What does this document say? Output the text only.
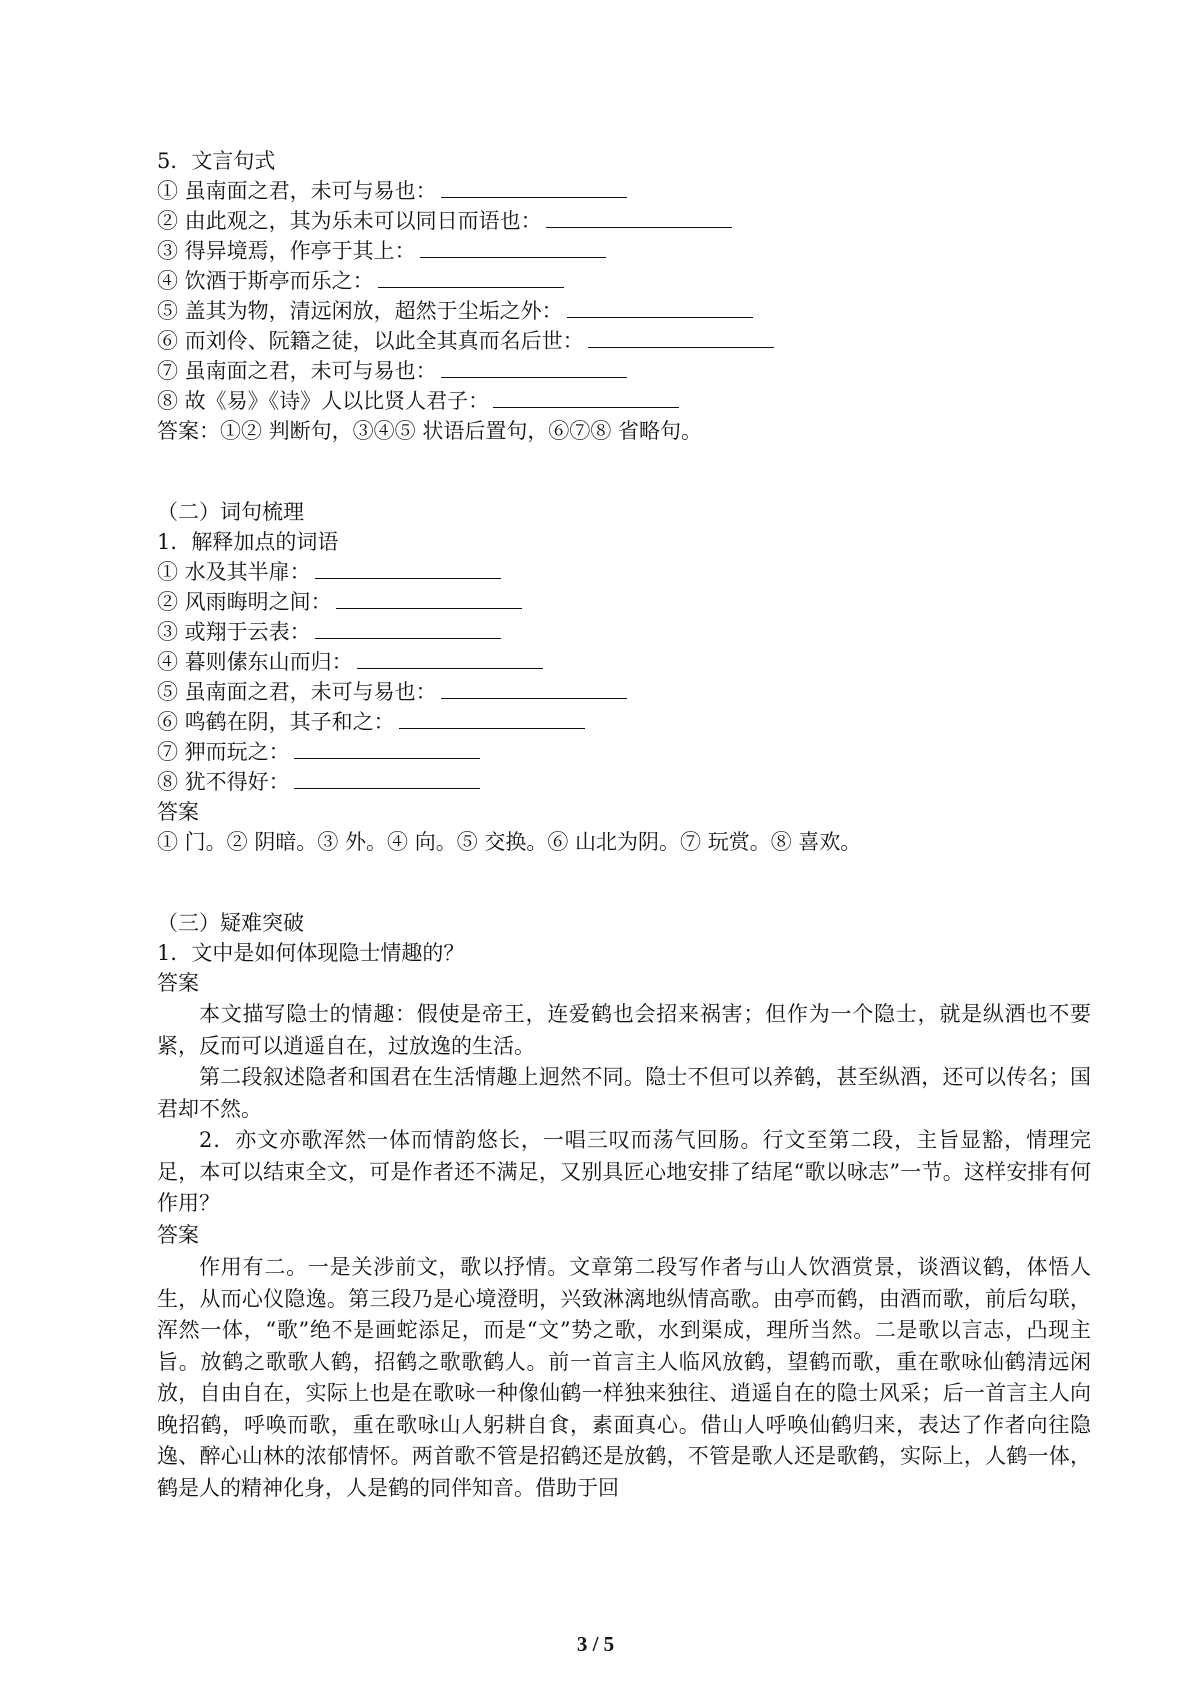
5．文言句式
① 虽南面之君，未可与易也：
② 由此观之，其为乐未可以同日而语也：
③ 得异境焉，作亭于其上：
④ 饮酒于斯亭而乐之：
⑤ 盖其为物，清远闲放，超然于尘垢之外：
⑥ 而刘伶、阮籍之徒，以此全其真而名后世：
⑦ 虽南面之君，未可与易也：
⑧ 故《易》《诗》人以比贤人君子：
答案：①② 判断句，③④⑤ 状语后置句，⑥⑦⑧ 省略句。
（二）词句梳理
1．解释加点的词语
① 水及其半扉：
② 风雨晦明之间：
③ 或翔于云表：
④ 暮则傃东山而归：
⑤ 虽南面之君，未可与易也：
⑥ 鸣鹤在阴，其子和之：
⑦ 狎而玩之：
⑧ 犹不得好：
答案
① 门。② 阴暗。③ 外。④ 向。⑤ 交换。⑥ 山北为阴。⑦ 玩赏。⑧ 喜欢。
（三）疑难突破
1．文中是如何体现隐士情趣的？
答案
本文描写隐士的情趣：假使是帝王，连爱鹤也会招来祸害；但作为一个隐士，就是纵酒也不要紧，反而可以逍遥自在，过放逸的生活。
第二段叙述隐者和国君在生活情趣上迥然不同。隐士不但可以养鹤，甚至纵酒，还可以传名；国君却不然。
2．亦文亦歌浑然一体而情韵悠长，一唱三叹而荡气回肠。行文至第二段，主旨显豁，情理完足，本可以结束全文，可是作者还不满足，又别具匠心地安排了结尾“歌以咏志”一节。这样安排有何作用？
答案
作用有二。一是关涉前文，歌以抒情。文章第二段写作者与山人饮酒赏景，谈酒议鹤，体悟人生，从而心仪隐逸。第三段乃是心境澄明，兴致淋漓地纵情高歌。由亭而鹤，由酒而歌，前后勾联，浑然一体，“歌”绝不是画蛇添足，而是“文”势之歌，水到渠成，理所当然。二是歌以言志，凸现主旨。放鹤之歌歌人鹤，招鹤之歌歌鹤人。前一首言主人临风放鹤，望鹤而歌，重在歌咏仙鹤清远闲放，自由自在，实际上也是在歌咏一种像仙鹤一样独来独往、逍遥自在的隐士风采；后一首言主人向晚招鹤，呼唤而歌，重在歌咏山人躬耕自食，素面真心。借山人呼唤仙鹤归来，表达了作者向往隐逸、醉心山林的浓郁情怀。两首歌不管是招鹤还是放鹤，不管是歌人还是歌鹤，实际上，人鹤一体，鹤是人的精神化身，人是鹤的同伴知音。借助于回
3 / 5
